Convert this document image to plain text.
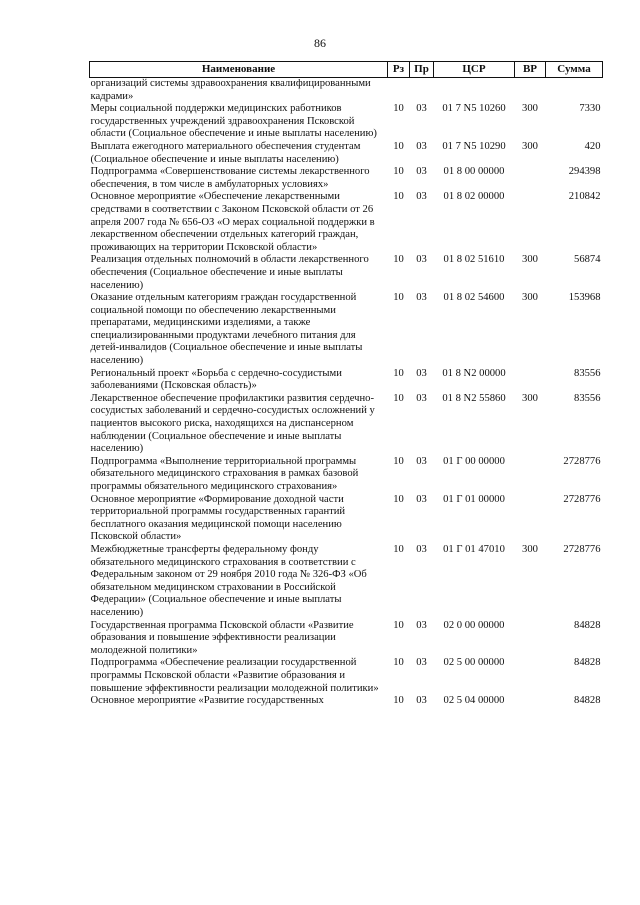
86
Наименование	Рз	Пр	ЦСР	ВР	Сумма
организаций системы здравоохранения квалифицированными кадрами»					
Меры социальной поддержки медицинских работников государственных учреждений здравоохранения Псковской области (Социальное обеспечение и иные выплаты населению)	10	03	01 7 N5 10260	300	7330
Выплата ежегодного материального обеспечения студентам (Социальное обеспечение и иные выплаты населению)	10	03	01 7 N5 10290	300	420
Подпрограмма «Совершенствование системы лекарственного обеспечения, в том числе в амбулаторных условиях»	10	03	01 8 00 00000		294398
Основное мероприятие «Обеспечение лекарственными средствами в соответствии с Законом Псковской области от 26 апреля 2007 года № 656-ОЗ «О мерах социальной поддержки в лекарственном обеспечении отдельных категорий граждан, проживающих на территории Псковской области»	10	03	01 8 02 00000		210842
Реализация отдельных полномочий в области лекарственного обеспечения (Социальное обеспечение и иные выплаты населению)	10	03	01 8 02 51610	300	56874
Оказание отдельным категориям граждан государственной социальной помощи по обеспечению лекарственными препаратами, медицинскими изделиями, а также специализированными продуктами лечебного питания для детей-инвалидов (Социальное обеспечение и иные выплаты населению)	10	03	01 8 02 54600	300	153968
Региональный проект «Борьба с сердечно-сосудистыми заболеваниями (Псковская область)»	10	03	01 8 N2 00000		83556
Лекарственное обеспечение профилактики развития сердечно-сосудистых заболеваний и сердечно-сосудистых осложнений у пациентов высокого риска, находящихся на диспансерном наблюдении (Социальное обеспечение и иные выплаты населению)	10	03	01 8 N2 55860	300	83556
Подпрограмма «Выполнение территориальной программы обязательного медицинского страхования в рамках базовой программы обязательного медицинского страхования»	10	03	01 Г 00 00000		2728776
Основное мероприятие «Формирование доходной части территориальной программы государственных гарантий бесплатного оказания медицинской помощи населению Псковской области»	10	03	01 Г 01 00000		2728776
Межбюджетные трансферты федеральному фонду обязательного медицинского страхования в соответствии с Федеральным законом от 29 ноября 2010 года № 326-ФЗ «Об обязательном медицинском страховании в Российской Федерации» (Социальное обеспечение и иные выплаты населению)	10	03	01 Г 01 47010	300	2728776
Государственная программа Псковской области «Развитие образования и повышение эффективности реализации молодежной политики»	10	03	02 0 00 00000		84828
Подпрограмма «Обеспечение реализации государственной программы Псковской области «Развитие образования и повышение эффективности реализации молодежной политики»	10	03	02 5 00 00000		84828
Основное мероприятие «Развитие государственных	10	03	02 5 04 00000		84828
